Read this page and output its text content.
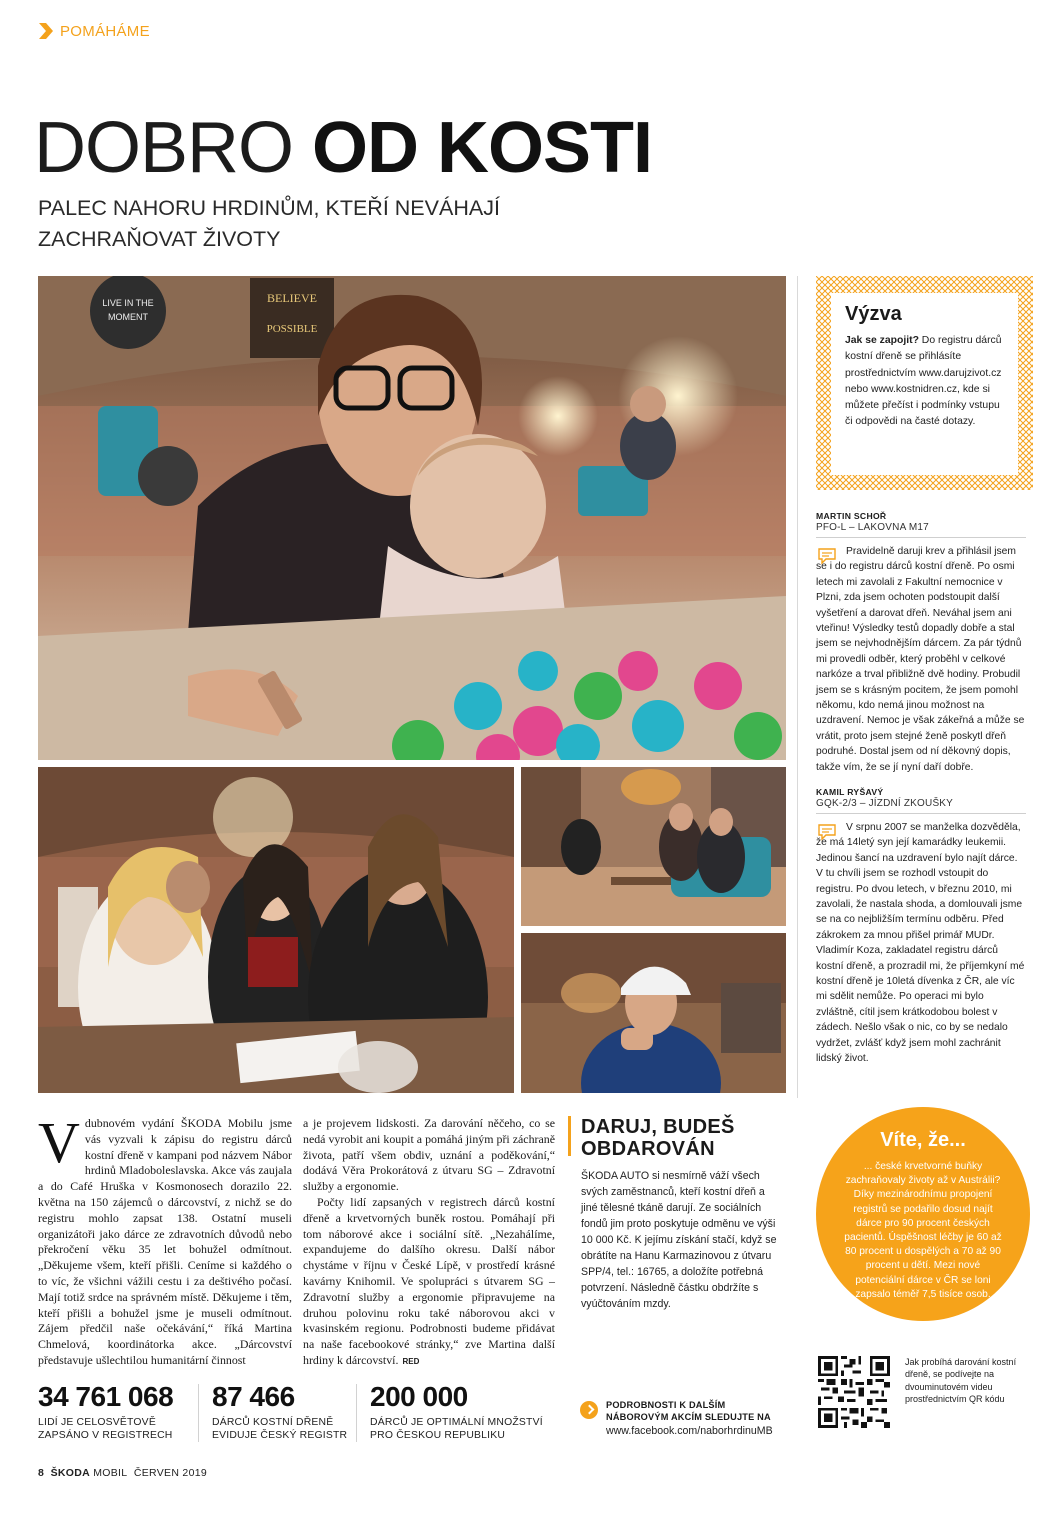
POMÁHÁME
DOBRO OD KOSTI
PALEC NAHORU HRDINŮM, KTEŘÍ NEVÁHAJÍ ZACHRAŇOVAT ŽIVOTY
LIVE IN THE
MOMENT
BELIEVE
POSSIBLE
Výzva

Jak se zapojit? Do registru dárců kostní dřeně se přihlásíte prostřednictvím www.darujzivot.cz nebo www.kostnidren.cz, kde si můžete přečíst i podmínky vstupu či odpovědi na časté dotazy.

MARTIN SCHOŘ
PFO-L – LAKOVNA M17
Pravidelně daruji krev a přihlásil jsem se i do registru dárců kostní dřeně. Po osmi letech mi zavolali z Fakultní nemocnice v Plzni, zda jsem ochoten podstoupit další vyšetření a darovat dřeň. Neváhal jsem ani vteřinu! Výsledky testů dopadly dobře a stal jsem se nejvhodnějším dárcem. Za pár týdnů mi provedli odběr, který proběhl v celkové narkóze a trval přibližně dvě hodiny. Probudil jsem se s krásným pocitem, že jsem pomohl někomu, kdo nemá jinou možnost na uzdravení. Nemoc je však zákeřná a může se vrátit, proto jsem stejné ženě poskytl dřeň podruhé. Dostal jsem od ní děkovný dopis, takže vím, že se jí nyní daří dobře.
KAMIL RYŠAVÝ
GQK-2/3 – JÍZDNÍ ZKOUŠKY
V srpnu 2007 se manželka dozvěděla, že má 14letý syn její kamarádky leukemii. Jedinou šancí na uzdravení bylo najít dárce. V tu chvíli jsem se rozhodl vstoupit do registru. Po dvou letech, v březnu 2010, mi zavolali, že nastala shoda, a domlouvali jsme se na co nejbližším termínu odběru. Před zákrokem za mnou přišel primář MUDr. Vladimír Koza, zakladatel registru dárců kostní dřeně, a prozradil mi, že příjemkyní mé kostní dřeně je 10letá dívenka z ČR, ale víc mi sdělit nemůže. Po operaci mi bylo zvláštně, cítil jsem krátkodobou bolest v zádech. Nešlo však o nic, co by se nedalo vydržet, zvlášť když jsem mohl zachránit lidský život.
Vdubnovém vydání ŠKODA Mobilu jsme vás vyzvali k zápisu do registru dárců kostní dřeně v kampani pod názvem Nábor hrdinů Mladoboleslavska. Akce vás zaujala a do Café Hruška v Kosmonosech dorazilo 22. května na 150 zájemců o dárcovství, z nichž se do registru mohlo zapsat 138. Ostatní museli organizátoři jako dárce ze zdravotních důvodů nebo překročení věku 35 let bohužel odmítnout. „Děkujeme všem, kteří přišli. Ceníme si každého o to víc, že všichni vážili cestu i za deštivého počasí. Mají totiž srdce na správném místě. Děkujeme i těm, kteří přišli a bohužel jsme je museli odmítnout. Zájem předčil naše očekávání,“ říká Martina Chmelová, koordinátorka akce. „Dárcovství představuje ušlechtilou humanitární činnost

a je projevem lidskosti. Za darování něčeho, co se nedá vyrobit ani koupit a pomáhá jiným při záchraně života, patří všem obdiv, uznání a poděkování,“ dodává Věra Prokorátová z útvaru SG – Zdravotní služby a ergonomie.

Počty lidí zapsaných v registrech dárců kostní dřeně a krvetvorných buněk rostou. Pomáhají při tom náborové akce i sociální sítě. „Nezahálíme, expandujeme do dalšího okresu. Další nábor chystáme v říjnu v České Lípě, v prostředí krásné kavárny Knihomil. Ve spolupráci s útvarem SG – Zdravotní služby a ergonomie připravujeme na druhou polovinu roku také náborovou akci v kvasinském regionu. Podrobnosti budeme přidávat na naše facebookové stránky,“ zve Martina další hrdiny k dárcovství. RED

DARUJ, BUDEŠ OBDAROVÁN

ŠKODA AUTO si nesmírně váží všech svých zaměstnanců, kteří kostní dřeň a jiné tělesné tkáně darují. Ze sociálních fondů jim proto poskytuje odměnu ve výši 10 000 Kč. K jejímu získání stačí, když se obrátíte na Hanu Karmazinovou z útvaru SPP/4, tel.: 16765, a doložíte potřebná potvrzení. Následně částku obdržíte s vyúčtováním mzdy.

Víte, že...

... české krvetvorné buňky zachraňovaly životy až v Austrálii? Díky mezinárodnímu propojení registrů se podařilo dosud najít dárce pro 90 procent českých pacientů. Úspěšnost léčby je 60 až 80 procent u dospělých a 70 až 90 procent u dětí. Mezi nové potenciální dárce v ČR se loni zapsalo téměř 7,5 tisíce osob.

34 761 068
LIDÍ JE CELOSVĚTOVĚ ZAPSÁNO V REGISTRECH
87 466
DÁRCŮ KOSTNÍ DŘENĚ EVIDUJE ČESKÝ REGISTR
200 000
DÁRCŮ JE OPTIMÁLNÍ MNOŽSTVÍ PRO ČESKOU REPUBLIKU
PODROBNOSTI K DALŠÍM NÁBOROVÝM AKCÍM SLEDUJTE NA
www.facebook.com/naborhrdinuMB
Jak probíhá darování kostní dřeně, se podívejte na dvouminutovém videu prostřednictvím QR kódu
8 ŠKODA MOBIL ČERVEN 2019
